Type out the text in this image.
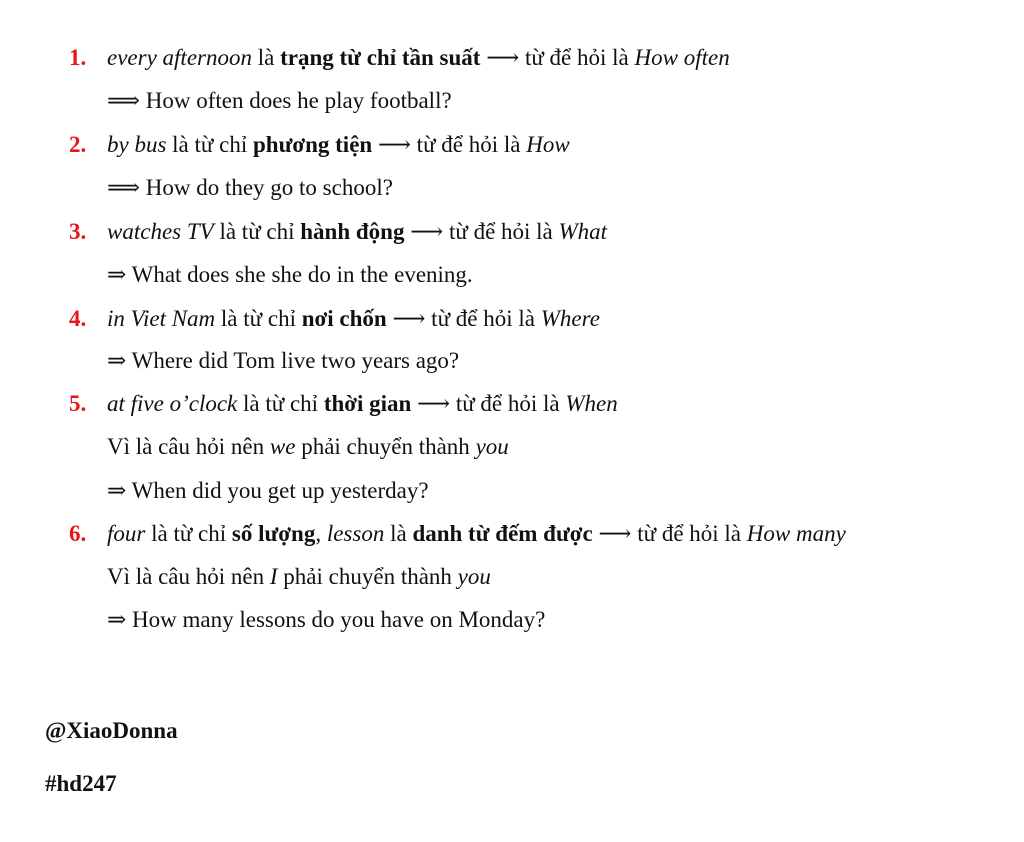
1. every afternoon là trạng từ chỉ tần suất ⟶ từ để hỏi là How often
⟹ How often does he play football?
2. by bus là từ chỉ phương tiện ⟶ từ để hỏi là How
⟹ How do they go to school?
3. watches TV là từ chỉ hành động ⟶ từ để hỏi là What
⇒ What does she she do in the evening.
4. in Viet Nam là từ chỉ nơi chốn ⟶ từ để hỏi là Where
⇒ Where did Tom live two years ago?
5. at five o’clock là từ chỉ thời gian ⟶ từ để hỏi là When
Vì là câu hỏi nên we phải chuyển thành you
⇒ When did you get up yesterday?
6. four là từ chỉ số lượng, lesson là danh từ đếm được ⟶ từ để hỏi là How many
Vì là câu hỏi nên I phải chuyển thành you
⇒ How many lessons do you have on Monday?
@XiaoDonna
#hd247
